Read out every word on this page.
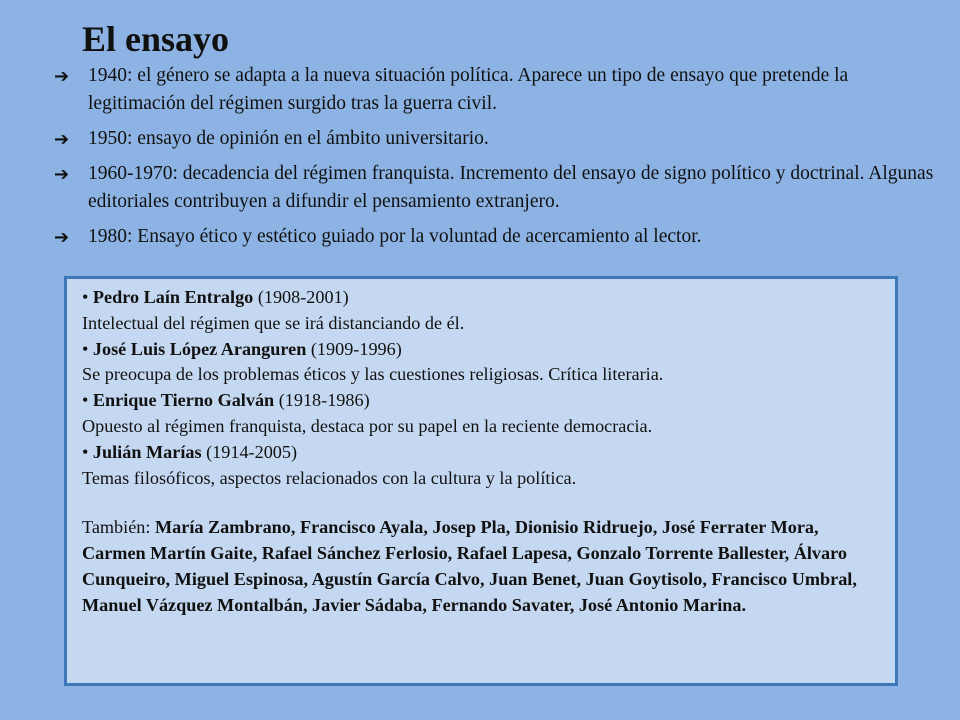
El ensayo
➔ 1940: el género se adapta a la nueva situación política. Aparece un tipo de ensayo que pretende la legitimación del régimen surgido tras la guerra civil.
➔ 1950: ensayo de opinión en el ámbito universitario.
➔ 1960-1970: decadencia del régimen franquista. Incremento del ensayo de signo político y doctrinal. Algunas editoriales contribuyen a difundir el pensamiento extranjero.
➔ 1980: Ensayo ético y estético guiado por la voluntad de acercamiento al lector.

• Pedro Laín Entralgo (1908-2001)

Intelectual del régimen que se irá distanciando de él.

• José Luis López Aranguren (1909-1996)

Se preocupa de los problemas éticos y las cuestiones religiosas. Crítica literaria.

• Enrique Tierno Galván (1918-1986)

Opuesto al régimen franquista, destaca por su papel en la reciente democracia.

• Julián Marías (1914-2005)

Temas filosóficos, aspectos relacionados con la cultura y la política.

También: María Zambrano, Francisco Ayala, Josep Pla, Dionisio Ridruejo, José Ferrater Mora, Carmen Martín Gaite, Rafael Sánchez Ferlosio, Rafael Lapesa, Gonzalo Torrente Ballester, Álvaro Cunqueiro, Miguel Espinosa, Agustín García Calvo, Juan Benet, Juan Goytisolo, Francisco Umbral, Manuel Vázquez Montalbán, Javier Sádaba, Fernando Savater, José Antonio Marina.
